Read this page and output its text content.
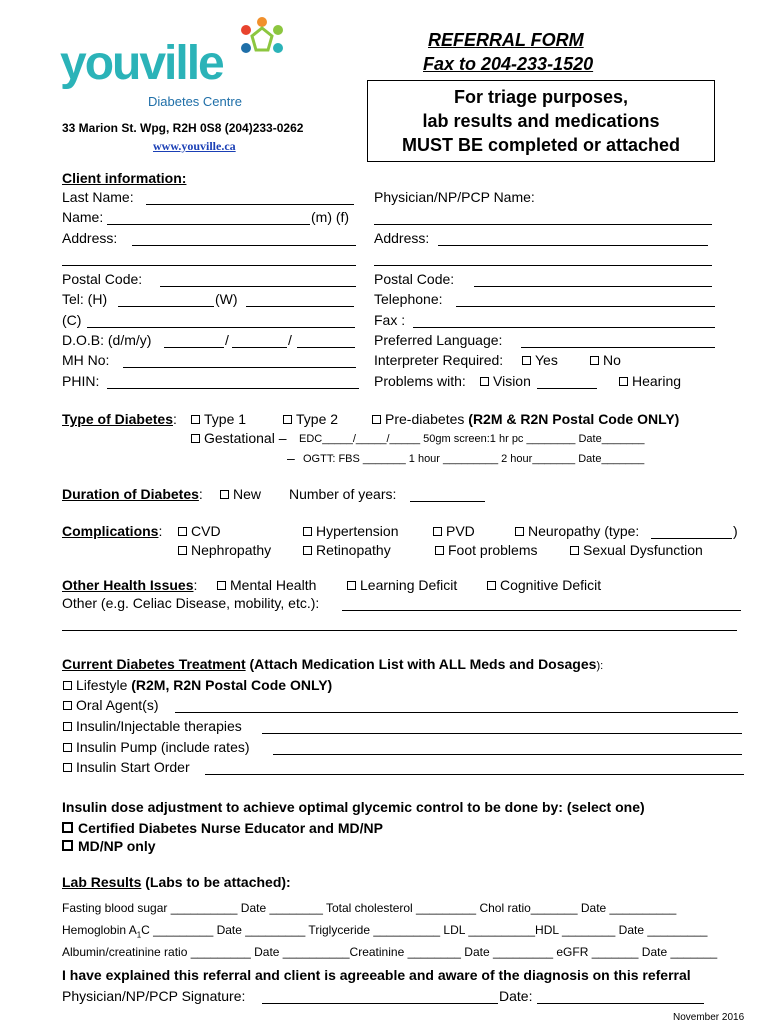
youville
Diabetes Centre
33 Marion St. Wpg, R2H 0S8 (204)233-0262
www.youville.ca
REFERRAL FORM
Fax to 204-233-1520
For triage purposes,
lab results and medications
MUST BE completed or attached
Client information:
Last Name:
Name:	(m) (f)
Address:
Postal Code:
Tel: (H)	(W)
(C)
D.O.B: (d/m/y)	/	/
MH No:
PHIN:
Physician/NP/PCP Name:
Address:
Postal Code:
Telephone:
Fax :
Preferred Language:
Interpreter Required:	Yes	No
Problems with:	Vision	Hearing
Type of Diabetes:	Type 1	Type 2	Pre-diabetes (R2M & R2N Postal Code ONLY)
Gestational – EDC_____/_____/_____ 50gm screen:1 hr pc ________ Date_______
– OGTT: FBS _______ 1 hour _________ 2 hour_______ Date_______
Duration of Diabetes:	New Number of years:
Complications:	CVD	Hypertension	PVD	Neuropathy (type:	)
Nephropathy	Retinopathy	Foot problems	Sexual Dysfunction
Other Health Issues:	Mental Health	Learning Deficit	Cognitive Deficit
Other (e.g. Celiac Disease, mobility, etc.):
Current Diabetes Treatment (Attach Medication List with ALL Meds and Dosages):
Lifestyle (R2M, R2N Postal Code ONLY)
Oral Agent(s)
Insulin/Injectable therapies
Insulin Pump (include rates)
Insulin Start Order
Insulin dose adjustment to achieve optimal glycemic control to be done by: (select one)
Certified Diabetes Nurse Educator and MD/NP
MD/NP only
Lab Results (Labs to be attached):
Fasting blood sugar __________ Date ________ Total cholesterol _________ Chol ratio_______ Date __________
Hemoglobin $A_1C$ _________ Date _________ Triglyceride __________ LDL __________HDL ________ Date _________
Albumin/creatinine ratio _________ Date __________Creatinine ________ Date _________ eGFR _______ Date _______
I have explained this referral and client is agreeable and aware of the diagnosis on this referral
Physician/NP/PCP Signature:	Date:
November 2016
